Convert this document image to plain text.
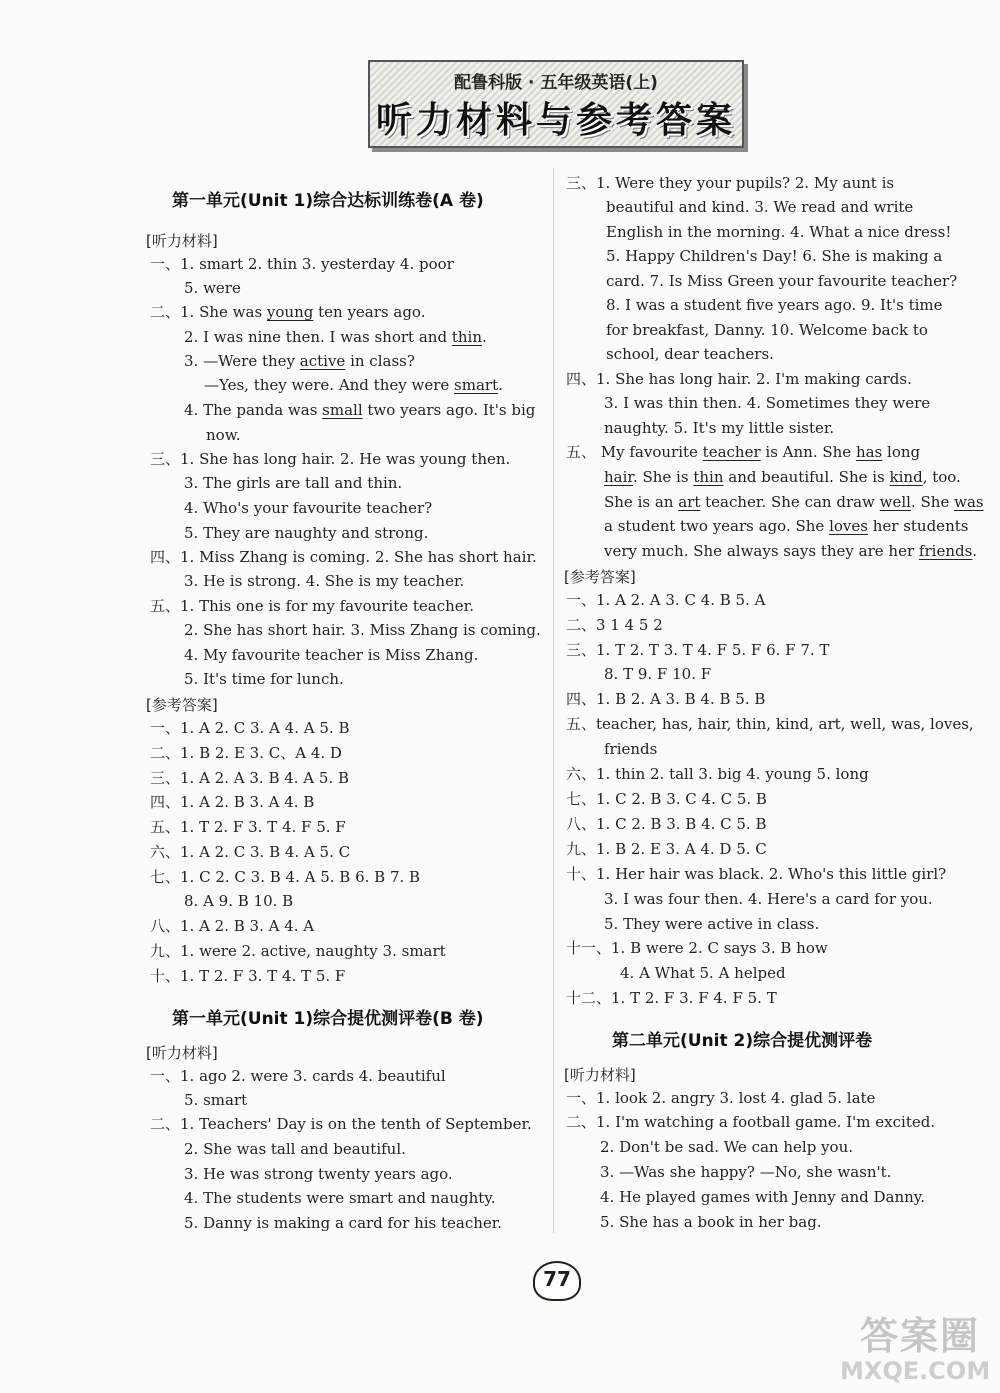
配鲁科版 · 五年级英语(上)
听力材料与参考答案
第一单元(Unit 1)综合达标训练卷(A 卷)
[ 听力材料 ]
一、1. smart 2. thin 3. yesterday 4. poor
5. were
二、1. She was young ten years ago.
2. I was nine then. I was short and thin.
3. —Were they active in class?
—Yes, they were. And they were smart.
4. The panda was small two years ago. It's big
now.
三、1. She has long hair. 2. He was young then.
3. The girls are tall and thin.
4. Who's your favourite teacher?
5. They are naughty and strong.
四、1. Miss Zhang is coming. 2. She has short hair.
3. He is strong. 4. She is my teacher.
五、1. This one is for my favourite teacher.
2. She has short hair. 3. Miss Zhang is coming.
4. My favourite teacher is Miss Zhang.
5. It's time for lunch.
[ 参考答案 ]
一、1. A 2. C 3. A 4. A 5. B
二、1. B 2. E 3. C、A 4. D
三、1. A 2. A 3. B 4. A 5. B
四、1. A 2. B 3. A 4. B
五、1. T 2. F 3. T 4. F 5. F
六、1. A 2. C 3. B 4. A 5. C
七、1. C 2. C 3. B 4. A 5. B 6. B 7. B
8. A 9. B 10. B
八、1. A 2. B 3. A 4. A
九、1. were 2. active, naughty 3. smart
十、1. T 2. F 3. T 4. T 5. F
第一单元(Unit 1)综合提优测评卷(B 卷)
[ 听力材料 ]
一、1. ago 2. were 3. cards 4. beautiful
5. smart
二、1. Teachers' Day is on the tenth of September.
2. She was tall and beautiful.
3. He was strong twenty years ago.
4. The students were smart and naughty.
5. Danny is making a card for his teacher.
三、1. Were they your pupils? 2. My aunt is
beautiful and kind. 3. We read and write
English in the morning. 4. What a nice dress!
5. Happy Children's Day! 6. She is making a
card. 7. Is Miss Green your favourite teacher?
8. I was a student five years ago. 9. It's time
for breakfast, Danny. 10. Welcome back to
school, dear teachers.
四、1. She has long hair. 2. I'm making cards.
3. I was thin then. 4. Sometimes they were
naughty. 5. It's my little sister.
五、 My favourite teacher is Ann. She has long
hair. She is thin and beautiful. She is kind, too.
She is an art teacher. She can draw well. She was
a student two years ago. She loves her students
very much. She always says they are her friends.
[ 参考答案 ]
一、1. A 2. A 3. C 4. B 5. A
二、3 1 4 5 2
三、1. T 2. T 3. T 4. F 5. F 6. F 7. T
8. T 9. F 10. F
四、1. B 2. A 3. B 4. B 5. B
五、teacher, has, hair, thin, kind, art, well, was, loves,
friends
六、1. thin 2. tall 3. big 4. young 5. long
七、1. C 2. B 3. C 4. C 5. B
八、1. C 2. B 3. B 4. C 5. B
九、1. B 2. E 3. A 4. D 5. C
十、1. Her hair was black. 2. Who's this little girl?
3. I was four then. 4. Here's a card for you.
5. They were active in class.
十一、1. B were 2. C says 3. B how
4. A What 5. A helped
十二、1. T 2. F 3. F 4. F 5. T
第二单元(Unit 2)综合提优测评卷
[ 听力材料 ]
一、1. look 2. angry 3. lost 4. glad 5. late
二、1. I'm watching a football game. I'm excited.
2. Don't be sad. We can help you.
3. —Was she happy? —No, she wasn't.
4. He played games with Jenny and Danny.
5. She has a book in her bag.
77
答案圈
MXQE.COM
